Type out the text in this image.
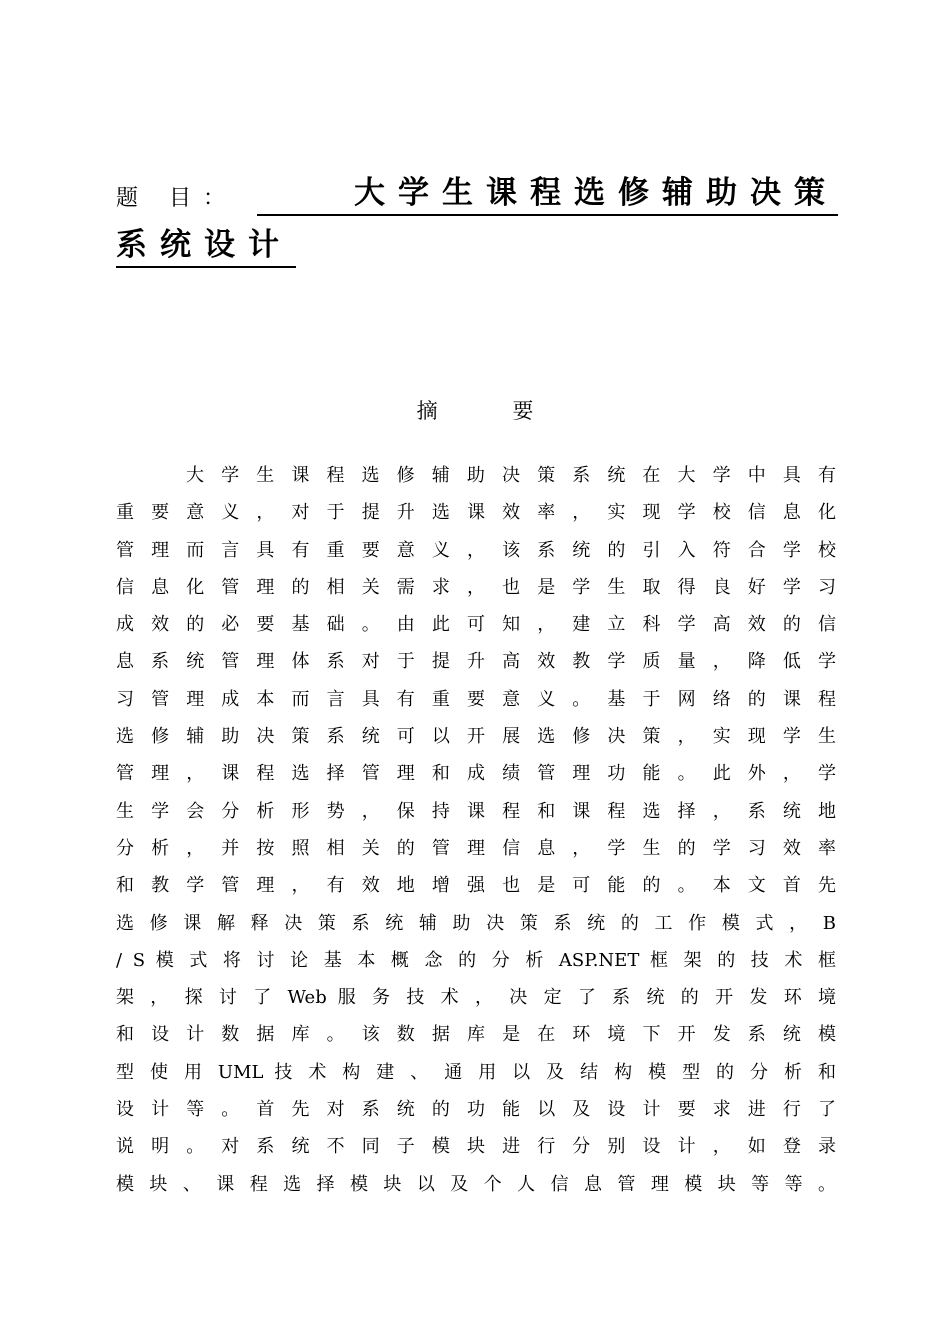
题 目：	大学生课程选修辅助决策
系统设计
摘 要
大 学 生 课 程 选 修 辅 助 决 策 系 统 在 大 学 中 具 有
重 要 意 义 ， 对 于 提 升 选 课 效 率 ， 实 现 学 校 信 息 化
管 理 而 言 具 有 重 要 意 义 ， 该 系 统 的 引 入 符 合 学 校
信 息 化 管 理 的 相 关 需 求 ， 也 是 学 生 取 得 良 好 学 习
成 效 的 必 要 基 础 。 由 此 可 知 ， 建 立 科 学 高 效 的 信
息 系 统 管 理 体 系 对 于 提 升 高 效 教 学 质 量 ， 降 低 学
习 管 理 成 本 而 言 具 有 重 要 意 义 。 基 于 网 络 的 课 程
选 修 辅 助 决 策 系 统 可 以 开 展 选 修 决 策 ， 实 现 学 生
管 理 ， 课 程 选 择 管 理 和 成 绩 管 理 功 能 。 此 外 ， 学
生 学 会 分 析 形 势 ， 保 持 课 程 和 课 程 选 择 ， 系 统 地
分 析 ， 并 按 照 相 关 的 管 理 信 息 ， 学 生 的 学 习 效 率
和 教 学 管 理 ， 有 效 地 增 强 也 是 可 能 的 。 本 文 首 先
选 修 课 解 释 决 策 系 统 辅 助 决 策 系 统 的 工 作 模 式 ， B
/ S 模 式 将 讨 论 基 本 概 念 的 分 析 ASP.NET 框 架 的 技 术 框
架 ， 探 讨 了 Web 服 务 技 术 ， 决 定 了 系 统 的 开 发 环 境
和 设 计 数 据 库 。 该 数 据 库 是 在 环 境 下 开 发 系 统 模
型 使 用 UML 技 术 构 建 、 通 用 以 及 结 构 模 型 的 分 析 和
设 计 等 。 首 先 对 系 统 的 功 能 以 及 设 计 要 求 进 行 了
说 明 。 对 系 统 不 同 子 模 块 进 行 分 别 设 计 ， 如 登 录
模 块 、 课 程 选 择 模 块 以 及 个 人 信 息 管 理 模 块 等 等 。
